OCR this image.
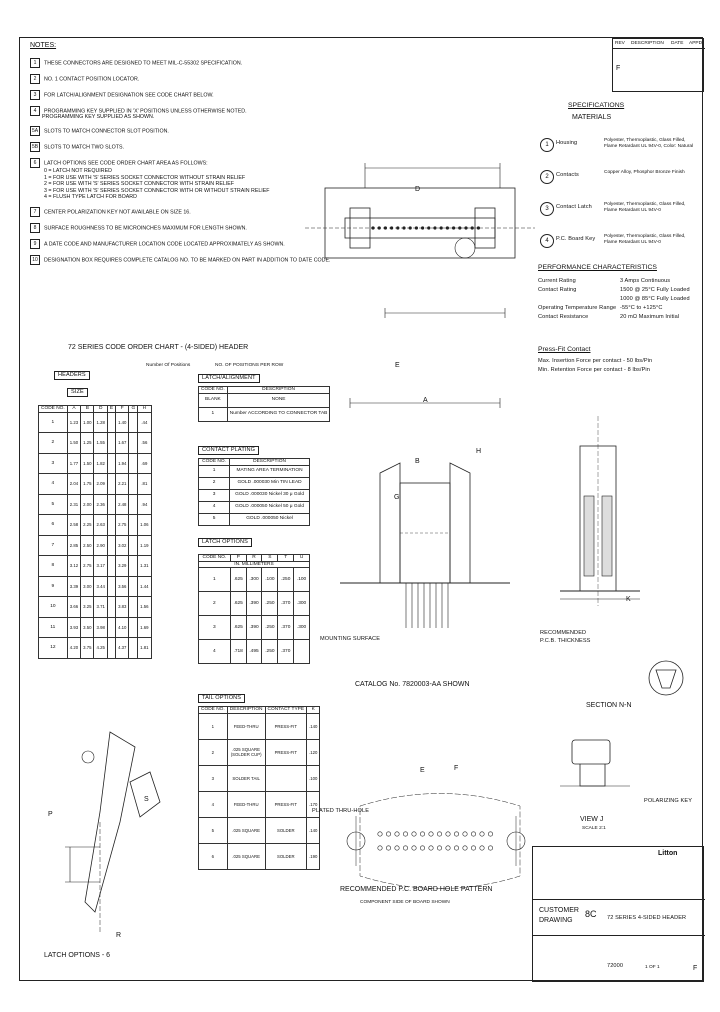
REV DESCRIPTION DATE APPD
F
NOTES:
1 THESE CONNECTORS ARE DESIGNED TO MEET MIL-C-55302 SPECIFICATION.
2 NO. 1 CONTACT POSITION LOCATOR.
3 FOR LATCH/ALIGNMENT DESIGNATION SEE CODE CHART BELOW.
4 PROGRAMMING KEY SUPPLIED IN 'X' POSITIONS UNLESS OTHERWISE NOTED.
PROGRAMMING KEY SUPPLIED AS SHOWN.
5A SLOTS TO MATCH CONNECTOR SLOT POSITION.
5B SLOTS TO MATCH TWO SLOTS.
6 LATCH OPTIONS SEE CODE ORDER CHART AREA AS FOLLOWS:
0 = LATCH NOT REQUIRED
1 = FOR USE WITH 'S' SERIES SOCKET CONNECTOR WITHOUT STRAIN RELIEF
2 = FOR USE WITH 'S' SERIES SOCKET CONNECTOR WITH STRAIN RELIEF
3 = FOR USE WITH 'S' SERIES SOCKET CONNECTOR WITH OR WITHOUT STRAIN RELIEF
4 = FLUSH TYPE LATCH FOR BOARD
7 CENTER POLARIZATION KEY NOT AVAILABLE ON SIZE 16.
8 SURFACE ROUGHNESS TO BE MICROINCHES MAXIMUM FOR LENGTH SHOWN.
9 A DATE CODE AND MANUFACTURER LOCATION CODE LOCATED APPROXIMATELY AS SHOWN.
10 DESIGNATION BOX REQUIRES COMPLETE CATALOG NO. TO BE MARKED ON PART IN ADDITION TO DATE CODE.
SPECIFICATIONS
MATERIALS
1	Housing	Polyester, Thermoplastic, Glass Filled, Flame Retardant UL 94V-0, Color: Natural
2	Contacts	Copper Alloy, Phosphor Bronze Finish
3	Contact Latch	Polyester, Thermoplastic, Glass Filled, Flame Retardant UL 94V-0
4	P.C. Board Key Polyester, Thermoplastic, Glass Filled, Flame Retardant UL 94V-0
PERFORMANCE CHARACTERISTICS
Current Rating	3 Amps Continuous
Contact Rating	1500 @ 25°C Fully Loaded
1000 @ 85°C Fully Loaded
Operating Temperature Range -55°C to +125°C
Contact Resistance	20 mΩ Maximum Initial
Press-Fit Contact
Max. Insertion Force per contact - 50 lbs/Pin
Min. Retention Force per contact - 8 lbs/Pin
D
E
72 SERIES CODE ORDER CHART - (4-SIDED) HEADER
Number Of Positions	NO. OF POSITIONS PER ROW
HEADERS
SIZE
CODE NO.	A	B	D	E	F	G	H
1	1.23	1.00	1.28		1.40		.44
2	1.50	1.25	1.55		1.67		.56
3	1.77	1.50	1.82		1.94		.69
4	2.04	1.75	2.09		2.21		.81
5	2.31	2.00	2.36		2.48		.94
6	2.58	2.25	2.63		2.75		1.06
7	2.85	2.50	2.90		3.02		1.19
8	3.12	2.75	3.17		3.29		1.31
9	3.39	3.00	3.44		3.56		1.44
10	3.66	3.25	3.71		3.83		1.56
11	3.93	3.50	3.98		4.10		1.69
12	4.20	3.75	4.25		4.37		1.81
LATCH/ALIGNMENT
CODE NO.	DESCRIPTION
BLANK	NONE
1	Number ACCORDING TO CONNECTOR TAB
CONTACT PLATING
CODE NO.	DESCRIPTION
1	MATING AREA TERMINATION
2	GOLD .000030 Min TIN LEAD
3	GOLD .000030 Nickel 30 μ Gold
4	GOLD .000050 Nickel 50 μ Gold
5	GOLD .000050 Nickel
LATCH OPTIONS
CODE NO.	P	R	S	T	U
IN. MILLIMETERS					
1	.625	.300	.100	.250	.100
2	.625	.390	.250	.370	.300
3	.625	.390	.250	.370	.300
4	.718	.495	.250	.370	
TAIL OPTIONS
CODE NO.	DESCRIPTION	CONTACT TYPE	K
1	FEED-THRU	PRESS-FIT	.140
2	.025 SQUARE (SOLDER CUP)	PRESS-FIT	.120
3	SOLDER TAIL		.100
4	FEED-THRU	PRESS-FIT	.170
5	.025 SQUARE	SOLDER	.140
6	.025 SQUARE	SOLDER	.190
P
S
R
LATCH OPTIONS - 6
A
B
G
H
MOUNTING SURFACE
CATALOG No. 7820003-AA SHOWN
K
RECOMMENDED
P.C.B. THICKNESS
SECTION N-N
VIEW J
SCALE 2:1
POLARIZING KEY
PLATED THRU-HOLE
E	F
RECOMMENDED P.C. BOARD HOLE PATTERN
COMPONENT SIDE OF BOARD SHOWN
Litton
CUSTOMER
DRAWING
8C 72 SERIES 4-SIDED HEADER
72000	1 OF 1	F
